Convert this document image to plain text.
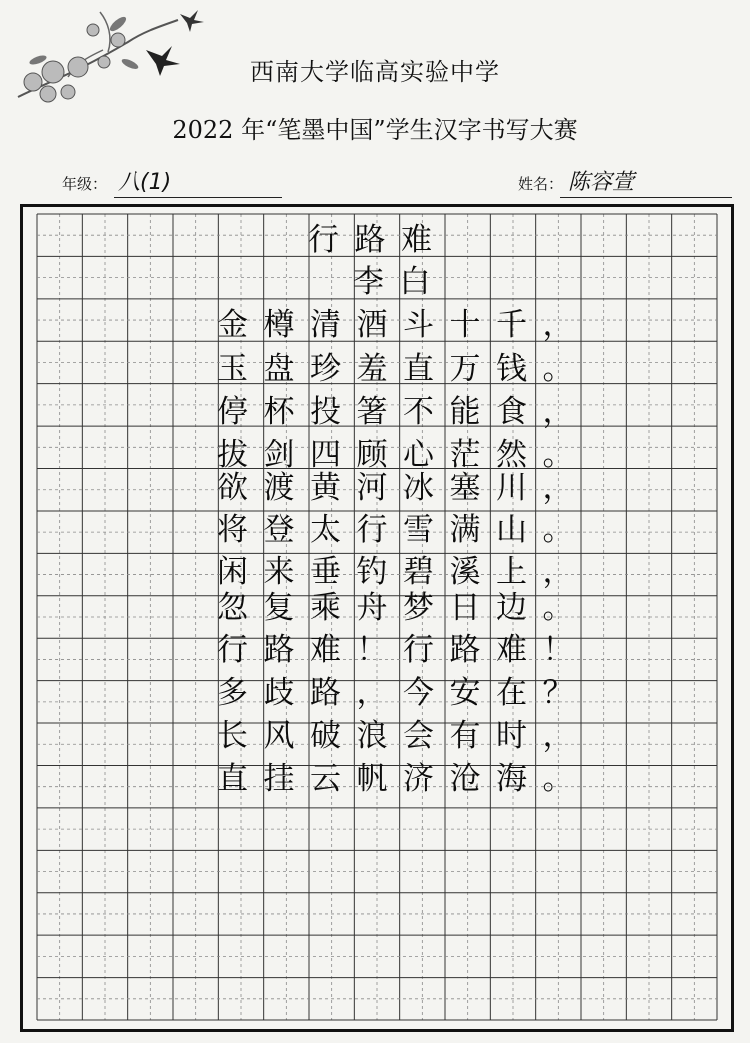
西南大学临高实验中学
2022 年“笔墨中国”学生汉字书写大赛
年级： 八(1)	姓名： 陈容萱
行路难
李白
金樽清酒斗十千，
玉盘珍羞直万钱。
停杯投箸不能食，
拔剑四顾心茫然。
欲渡黄河冰塞川，
将登太行雪满山。
闲来垂钓碧溪上，
忽复乘舟梦日边。
行路难！行路难！
多歧路，今安在？
长风破浪会有时，
直挂云帆济沧海。
